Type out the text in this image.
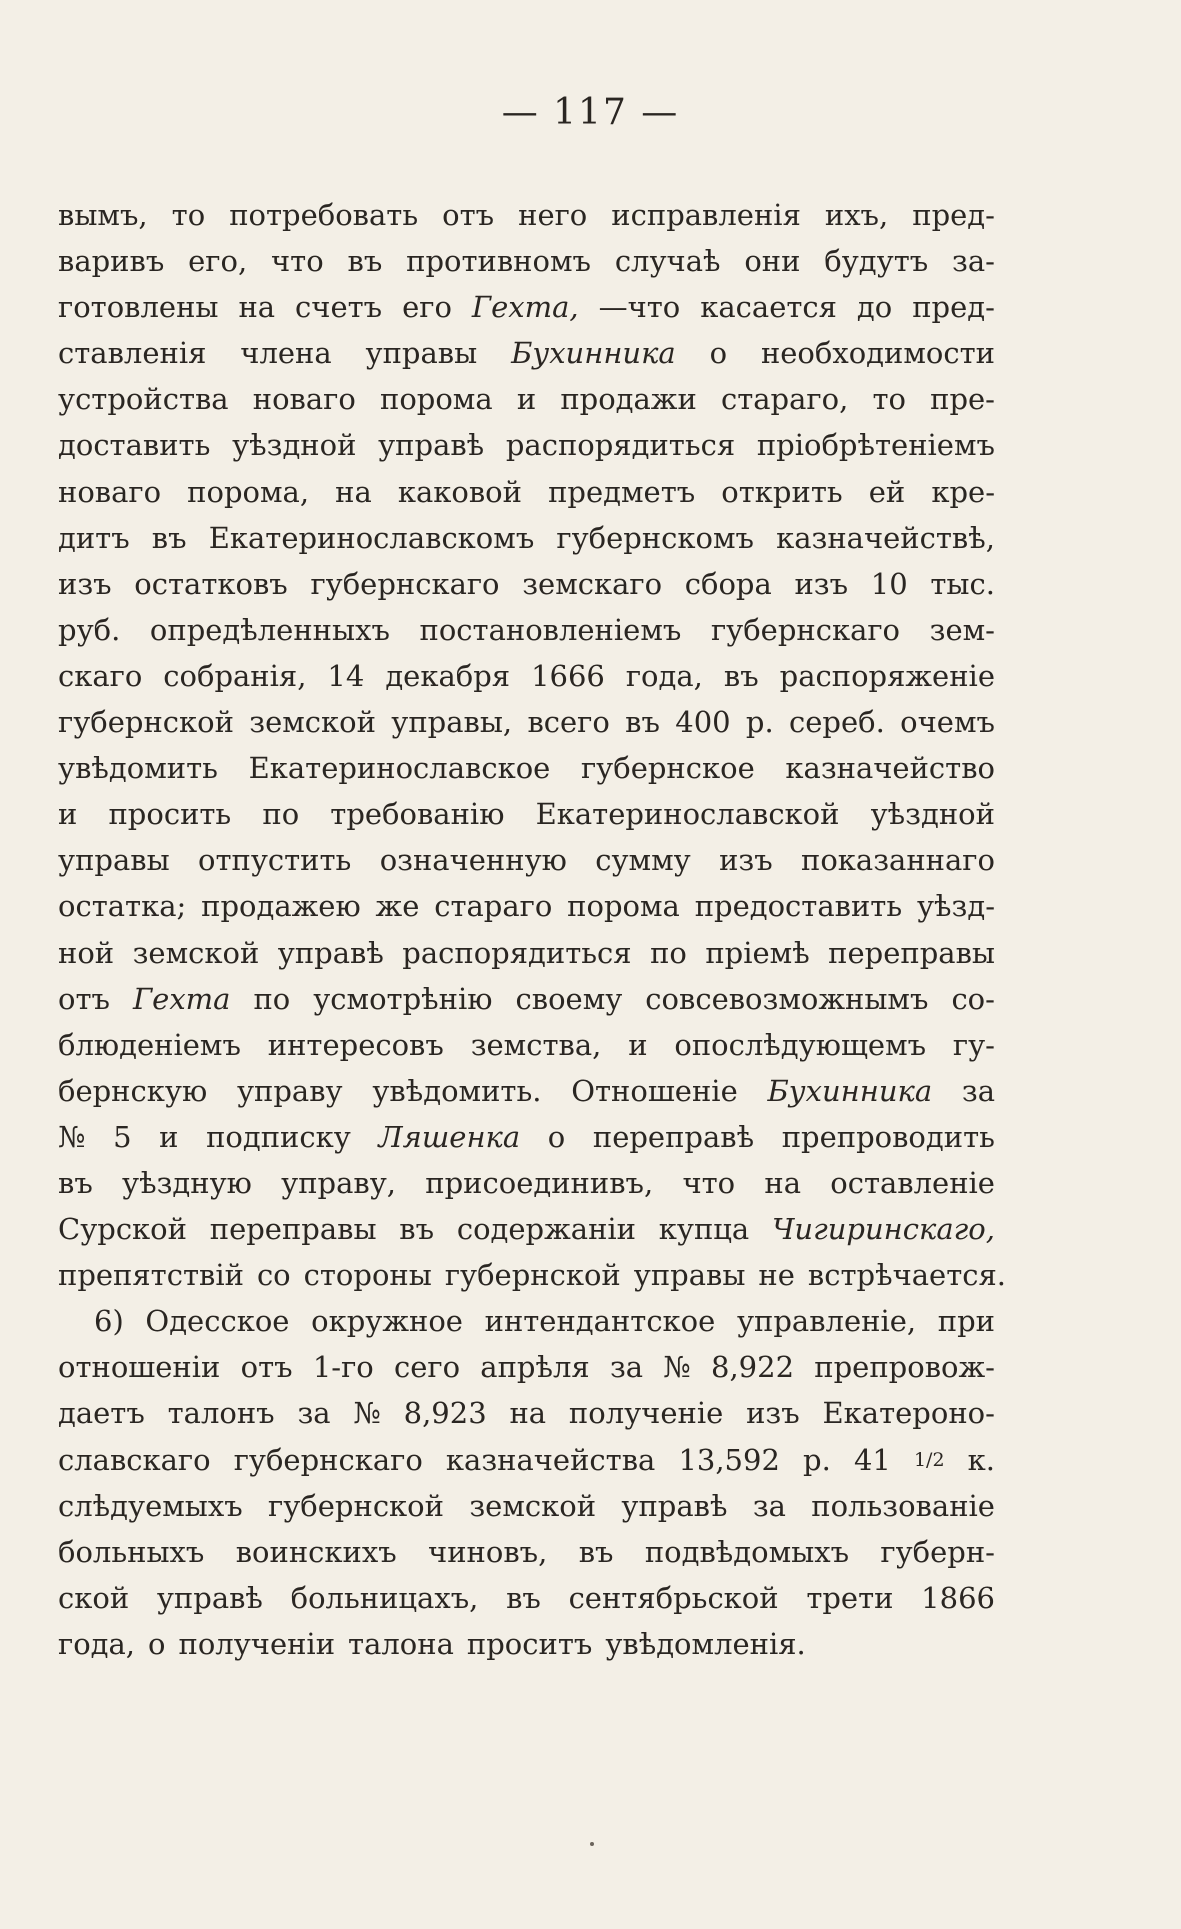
— 117 —
вымъ, то потребовать отъ него исправленія ихъ, пред-
варивъ его, что въ противномъ случаѣ они будутъ за-
готовлены на счетъ его Гехта, —что касается до пред-
ставленія члена управы Бухинника о необходимости
устройства новаго порома и продажи стараго, то пре-
доставить уѣздной управѣ распорядиться пріобрѣтеніемъ
новаго порома, на каковой предметъ открить ей кре-
дитъ въ Екатеринославскомъ губернскомъ казначействѣ,
изъ остатковъ губернскаго земскаго сбора изъ 10 тыс.
руб. опредѣленныхъ постановленіемъ губернскаго зем-
скаго собранія, 14 декабря 1666 года, въ распоряженіе
губернской земской управы, всего въ 400 р. сереб. очемъ
увѣдомить Екатеринославское губернское казначейство
и просить по требованію Екатеринославской уѣздной
управы отпустить означенную сумму изъ показаннаго
остатка; продажею же стараго порома предоставить уѣзд-
ной земской управѣ распорядиться по пріемѣ переправы
отъ Гехта по усмотрѣнію своему совсевозможнымъ со-
блюденіемъ интересовъ земства, и опослѣдующемъ гу-
бернскую управу увѣдомить. Отношеніе Бухинника за
№ 5 и подписку Ляшенка о переправѣ препроводить
въ уѣздную управу, присоединивъ, что на оставленіе
Сурской переправы въ содержаніи купца Чигиринскаго,
препятствій со стороны губернской управы не встрѣчается.
6) Одесское окружное интендантское управленіе, при
отношеніи отъ 1-го сего апрѣля за № 8,922 препровож-
даетъ талонъ за № 8,923 на полученіе изъ Екатероно-
славскаго губернскаго казначейства 13,592 р. 41 1/2 к.
слѣдуемыхъ губернской земской управѣ за пользованіе
больныхъ воинскихъ чиновъ, въ подвѣдомыхъ губерн-
ской управѣ больницахъ, въ сентябрьской трети 1866
года, о полученіи талона проситъ увѣдомленія.
